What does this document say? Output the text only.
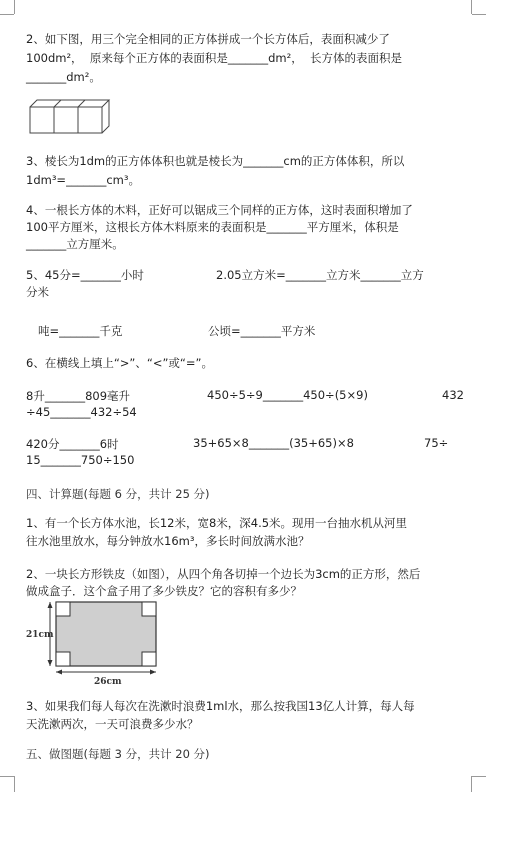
2、如下图，用三个完全相同的正方体拼成一个长方体后，表面积减少了
100dm²，  原来每个正方体的表面积是_______dm²，  长方体的表面积是
_______dm²。
3、棱长为1dm的正方体体积也就是棱长为_______cm的正方体体积，所以
1dm³=_______cm³。
4、一根长方体的木料，正好可以锯成三个同样的正方体，这时表面积增加了
100平方厘米，这根长方体木料原来的表面积是_______平方厘米，体积是
_______立方厘米。
5、45分=_______小时	2.05立方米=_______立方米_______立方
分米
吨=_______千克	公顷=_______平方米
6、在横线上填上“>”、“<”或“=”。
8升_______809毫升	450÷5÷9_______450÷(5×9)	432
÷45_______432÷54
420分_______6时	35+65×8_______(35+65)×8	75÷
15_______750÷150
四、计算题(每题 6 分，共计 25 分)
1、有一个长方体水池，长12米，宽8米，深4.5米。现用一台抽水机从河里
往水池里放水，每分钟放水16m³，多长时间放满水池？
2、一块长方形铁皮（如图），从四个角各切掉一个边长为3cm的正方形，然后
做成盒子．这个盒子用了多少铁皮？它的容积有多少？
21cm
26cm
3、如果我们每人每次在洗漱时浪费1ml水，那么按我国13亿人计算，每人每
天洗漱两次，一天可浪费多少水？
五、做图题(每题 3 分，共计 20 分)
